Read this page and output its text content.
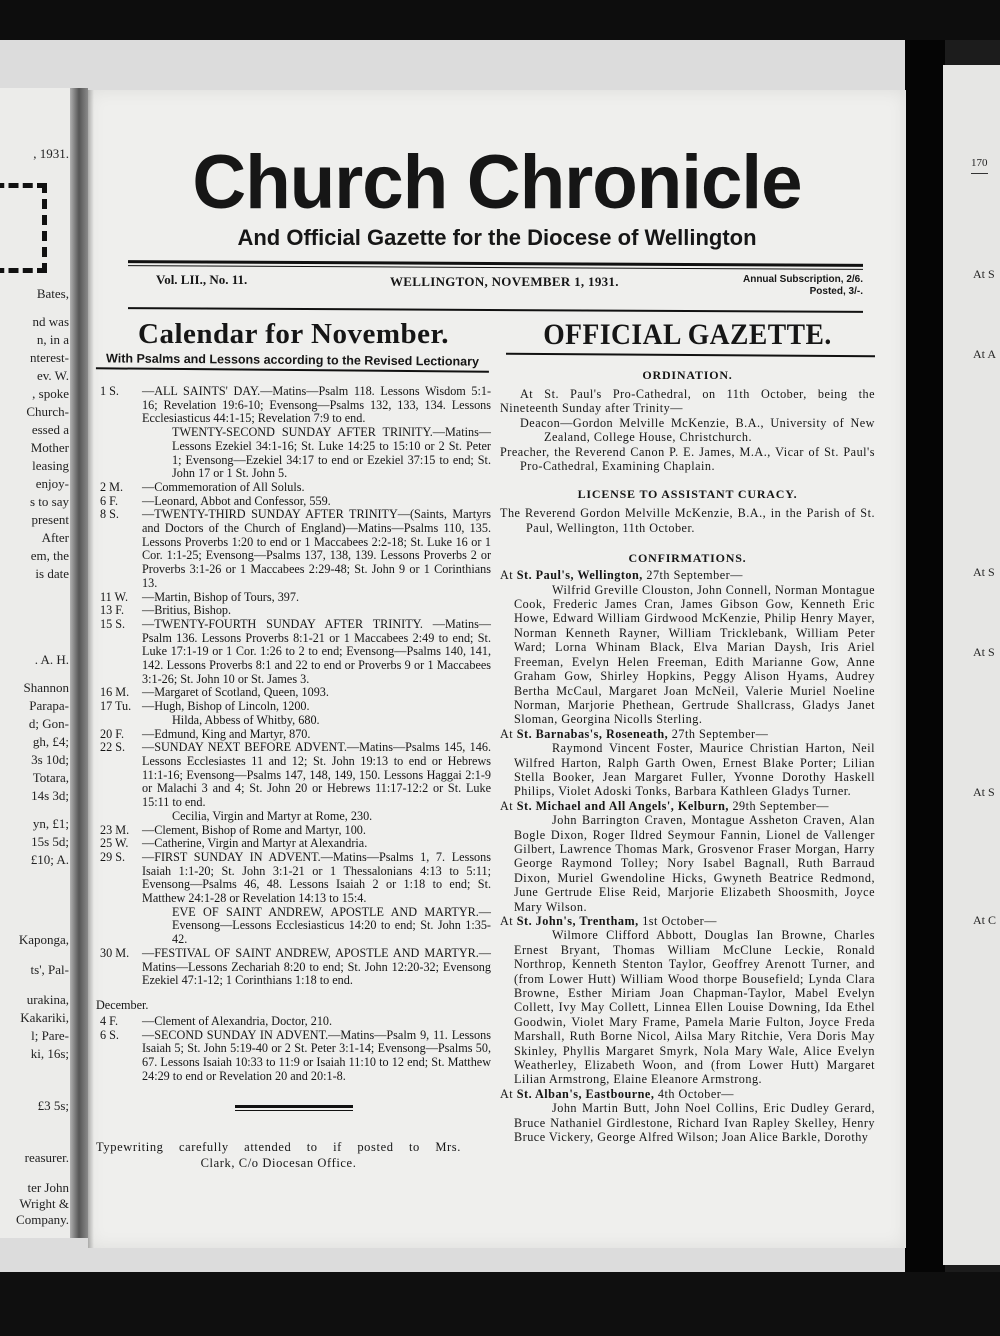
, 1931.
Bates,
nd was
n, in a
nterest-
ev. W.
, spoke
Church-
essed a
Mother
leasing
enjoy-
s to say
present
After
em, the
is date
. A. H.
Shannon
Parapa-
d; Gon-
gh, £4;
3s 10d;
Totara,
14s 3d;
yn, £1;
15s 5d;
£10; A.
Kaponga,
ts', Pal-
urakina,
Kakariki,
l; Pare-
ki, 16s;
£3 5s;
reasurer.
ter John
Wright &
Company.
170
At S
At A
At S
At S
At S
At C
Church Chronicle
And Official Gazette for the Diocese of Wellington
Vol. LII., No. 11.	WELLINGTON, NOVEMBER 1, 1931.	Annual Subscription, 2/6.
Posted, 3/-.
Calendar for November.
With Psalms and Lessons according to the Revised Lectionary
1 S.	—ALL SAINTS' DAY.—Matins—Psalm 118. Lessons Wisdom 5:1-16; Revelation 19:6-10; Evensong—Psalms 132, 133, 134. Lessons Ecclesiasticus 44:1-15; Revelation 7:9 to end.
TWENTY-SECOND SUNDAY AFTER TRINITY.—Matins—Lessons Ezekiel 34:1-16; St. Luke 14:25 to 15:10 or 2 St. Peter 1; Evensong—Ezekiel 34:17 to end or Ezekiel 37:15 to end; St. John 17 or 1 St. John 5.
2 M.	—Commemoration of All Soluls.
6 F.	—Leonard, Abbot and Confessor, 559.
8 S.	—TWENTY-THIRD SUNDAY AFTER TRINITY—(Saints, Martyrs and Doctors of the Church of England)—Matins—Psalms 110, 135. Lessons Proverbs 1:20 to end or 1 Maccabees 2:2-18; St. Luke 16 or 1 Cor. 1:1-25; Evensong—Psalms 137, 138, 139. Lessons Proverbs 2 or Proverbs 3:1-26 or 1 Maccabees 2:29-48; St. John 9 or 1 Corinthians 13.
11 W.	—Martin, Bishop of Tours, 397.
13 F.	—Britius, Bishop.
15 S.	—TWENTY-FOURTH SUNDAY AFTER TRINITY. —Matins—Psalm 136. Lessons Proverbs 8:1-21 or 1 Maccabees 2:49 to end; St. Luke 17:1-19 or 1 Cor. 1:26 to 2 to end; Evensong—Psalms 140, 141, 142. Lessons Proverbs 8:1 and 22 to end or Proverbs 9 or 1 Maccabees 3:1-26; St. John 10 or St. James 3.
16 M.	—Margaret of Scotland, Queen, 1093.
17 Tu. —Hugh, Bishop of Lincoln, 1200.
Hilda, Abbess of Whitby, 680.
20 F.	—Edmund, King and Martyr, 870.
22 S.	—SUNDAY NEXT BEFORE ADVENT.—Matins—Psalms 145, 146. Lessons Ecclesiastes 11 and 12; St. John 19:13 to end or Hebrews 11:1-16; Evensong—Psalms 147, 148, 149, 150. Lessons Haggai 2:1-9 or Malachi 3 and 4; St. John 20 or Hebrews 11:17-12:2 or St. Luke 15:11 to end.
Cecilia, Virgin and Martyr at Rome, 230.
23 M.	—Clement, Bishop of Rome and Martyr, 100.
25 W.	—Catherine, Virgin and Martyr at Alexandria.
29 S.	—FIRST SUNDAY IN ADVENT.—Matins—Psalms 1, 7. Lessons Isaiah 1:1-20; St. John 3:1-21 or 1 Thessalonians 4:13 to 5:11; Evensong—Psalms 46, 48. Lessons Isaiah 2 or 1:18 to end; St. Matthew 24:1-28 or Revelation 14:13 to 15:4.
EVE OF SAINT ANDREW, APOSTLE AND MARTYR.—Evensong—Lessons Ecclesiasticus 14:20 to end; St. John 1:35-42.
30 M.	—FESTIVAL OF SAINT ANDREW, APOSTLE AND MARTYR.—Matins—Lessons Zechariah 8:20 to end; St. John 12:20-32; Evensong Ezekiel 47:1-12; 1 Corinthians 1:18 to end.
December.
4 F.	—Clement of Alexandria, Doctor, 210.
6 S.	—SECOND SUNDAY IN ADVENT.—Matins—Psalm 9, 11. Lessons Isaiah 5; St. John 5:19-40 or 2 St. Peter 3:1-14; Evensong—Psalms 50, 67. Lessons Isaiah 10:33 to 11:9 or Isaiah 11:10 to 12 end; St. Matthew 24:29 to end or Revelation 20 and 20:1-8.
Typewriting carefully attended to if posted to Mrs.
Clark, C/o Diocesan Office.
OFFICIAL GAZETTE.
ORDINATION.

At St. Paul's Pro-Cathedral, on 11th October, being the Nineteenth Sunday after Trinity—

Deacon—Gordon Melville McKenzie, B.A., University of New Zealand, College House, Christchurch.

Preacher, the Reverend Canon P. E. James, M.A., Vicar of St. Paul's Pro-Cathedral, Examining Chaplain.

LICENSE TO ASSISTANT CURACY.

The Reverend Gordon Melville McKenzie, B.A., in the Parish of St. Paul, Wellington, 11th October.

CONFIRMATIONS.

At St. Paul's, Wellington, 27th September—

Wilfrid Greville Clouston, John Connell, Norman Montague Cook, Frederic James Cran, James Gibson Gow, Kenneth Eric Howe, Edward William Girdwood McKenzie, Philip Henry Mayer, Norman Kenneth Rayner, William Tricklebank, William Peter Ward; Lorna Whinam Black, Elva Marian Daysh, Iris Ariel Freeman, Evelyn Helen Freeman, Edith Marianne Gow, Anne Graham Gow, Shirley Hopkins, Peggy Alison Hyams, Audrey Bertha McCaul, Margaret Joan McNeil, Valerie Muriel Noeline Norman, Marjorie Phethean, Gertrude Shallcrass, Gladys Janet Sloman, Georgina Nicolls Sterling.

At St. Barnabas's, Roseneath, 27th September—

Raymond Vincent Foster, Maurice Christian Harton, Neil Wilfred Harton, Ralph Garth Owen, Ernest Blake Porter; Lilian Stella Booker, Jean Margaret Fuller, Yvonne Dorothy Haskell Philips, Violet Adoski Tonks, Barbara Kathleen Gladys Turner.

At St. Michael and All Angels', Kelburn, 29th September—

John Barrington Craven, Montague Assheton Craven, Alan Bogle Dixon, Roger Ildred Seymour Fannin, Lionel de Vallenger Gilbert, Lawrence Thomas Mark, Grosvenor Fraser Morgan, Harry George Raymond Tolley; Nory Isabel Bagnall, Ruth Barraud Dixon, Muriel Gwendoline Hicks, Gwyneth Beatrice Redmond, June Gertrude Elise Reid, Marjorie Elizabeth Shoosmith, Joyce Mary Wilson.

At St. John's, Trentham, 1st October—

Wilmore Clifford Abbott, Douglas Ian Browne, Charles Ernest Bryant, Thomas William McClune Leckie, Ronald Northrop, Kenneth Stenton Taylor, Geoffrey Arenott Turner, and (from Lower Hutt) William Wood thorpe Bousefield; Lynda Clara Browne, Esther Miriam Joan Chapman-Taylor, Mabel Evelyn Collett, Ivy May Collett, Linnea Ellen Louise Downing, Ida Ethel Goodwin, Violet Mary Frame, Pamela Marie Fulton, Joyce Freda Marshall, Ruth Borne Nicol, Ailsa Mary Ritchie, Vera Doris May Skinley, Phyllis Margaret Smyrk, Nola Mary Wale, Alice Evelyn Weatherley, Elizabeth Woon, and (from Lower Hutt) Margaret Lilian Armstrong, Elaine Eleanore Armstrong.

At St. Alban's, Eastbourne, 4th October—

John Martin Butt, John Noel Collins, Eric Dudley Gerard, Bruce Nathaniel Girdlestone, Richard Ivan Rapley Skelley, Henry Bruce Vickery, George Alfred Wilson; Joan Alice Barkle, Dorothy
